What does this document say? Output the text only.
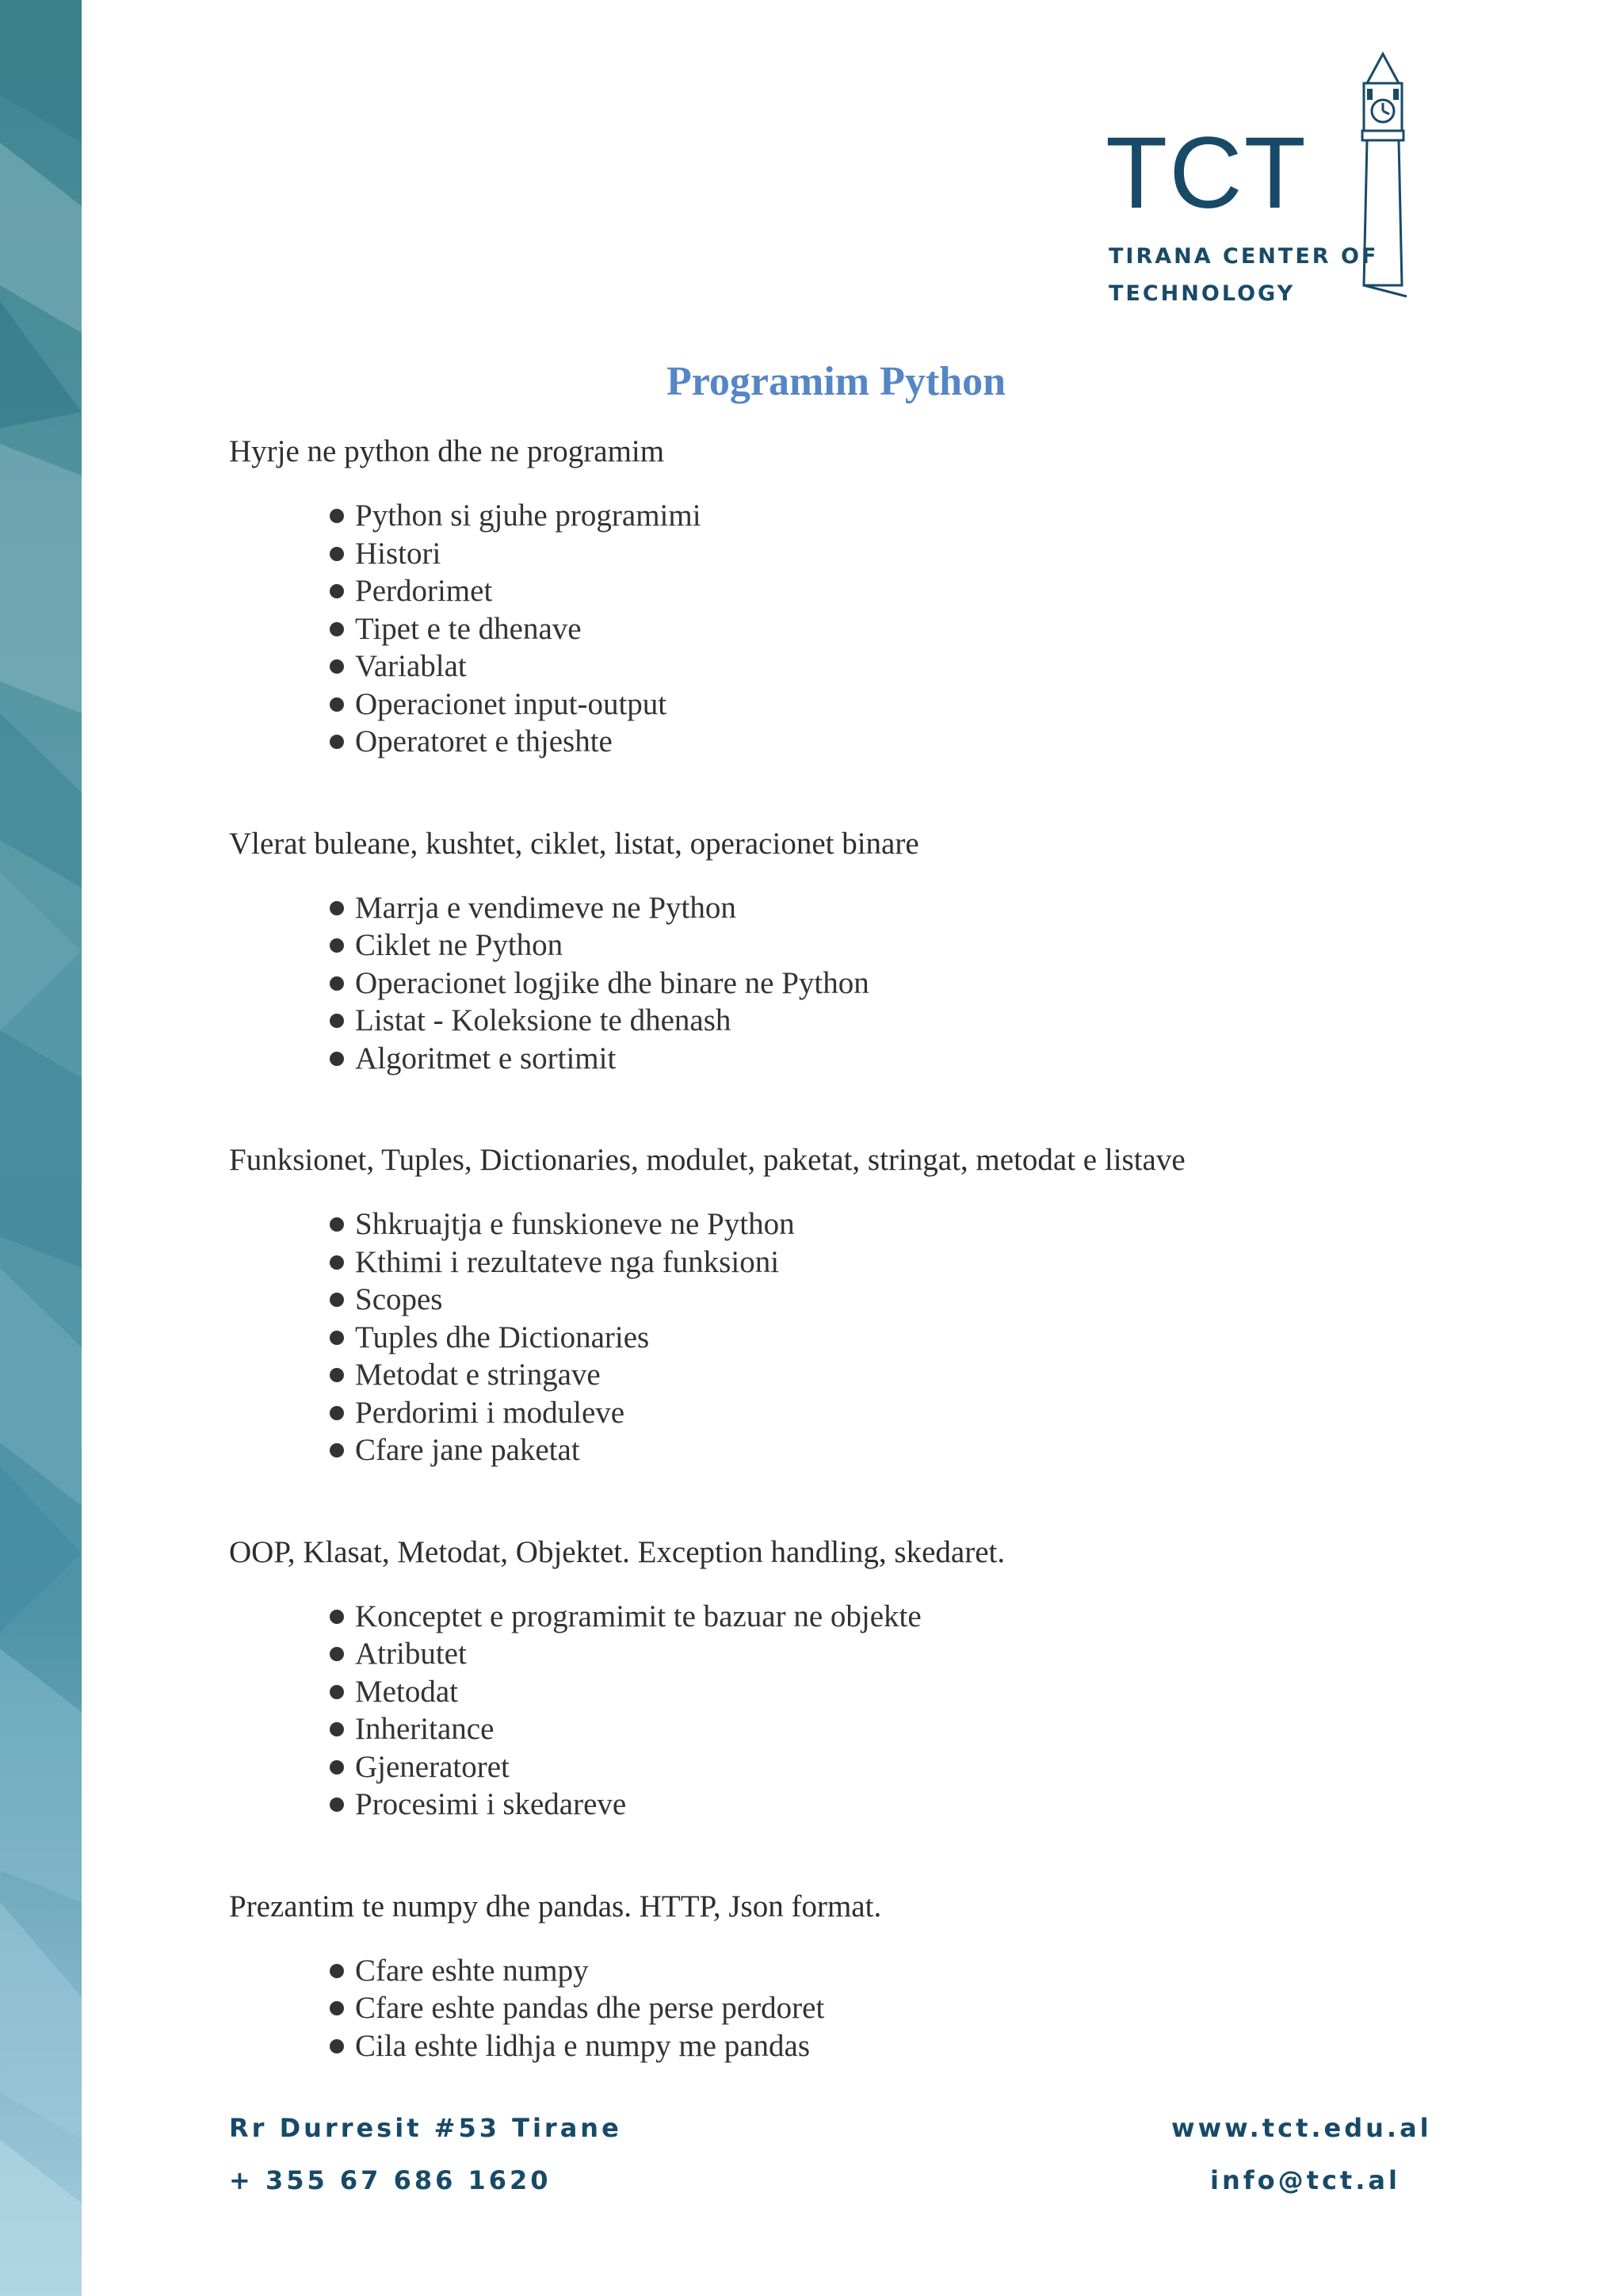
TCT
TIRANA CENTER OF
TECHNOLOGY
Programim Python

Hyrje ne python dhe ne programim

Python si gjuhe programimi
Histori
Perdorimet
Tipet e te dhenave
Variablat
Operacionet input-output
Operatoret e thjeshte

Vlerat buleane, kushtet, ciklet, listat, operacionet binare

Marrja e vendimeve ne Python
Ciklet ne Python
Operacionet logjike dhe binare ne Python
Listat - Koleksione te dhenash
Algoritmet e sortimit

Funksionet, Tuples, Dictionaries, modulet, paketat, stringat, metodat e listave

Shkruajtja e funskioneve ne Python
Kthimi i rezultateve nga funksioni
Scopes
Tuples dhe Dictionaries
Metodat e stringave
Perdorimi i moduleve
Cfare jane paketat

OOP, Klasat, Metodat, Objektet. Exception handling, skedaret.

Konceptet e programimit te bazuar ne objekte
Atributet
Metodat
Inheritance
Gjeneratoret
Procesimi i skedareve

Prezantim te numpy dhe pandas. HTTP, Json format.

Cfare eshte numpy
Cfare eshte pandas dhe perse perdoret
Cila eshte lidhja e numpy me pandas
Rr Durresit #53 Tirane
+ 355 67 686 1620
www.tct.edu.al
info@tct.al
